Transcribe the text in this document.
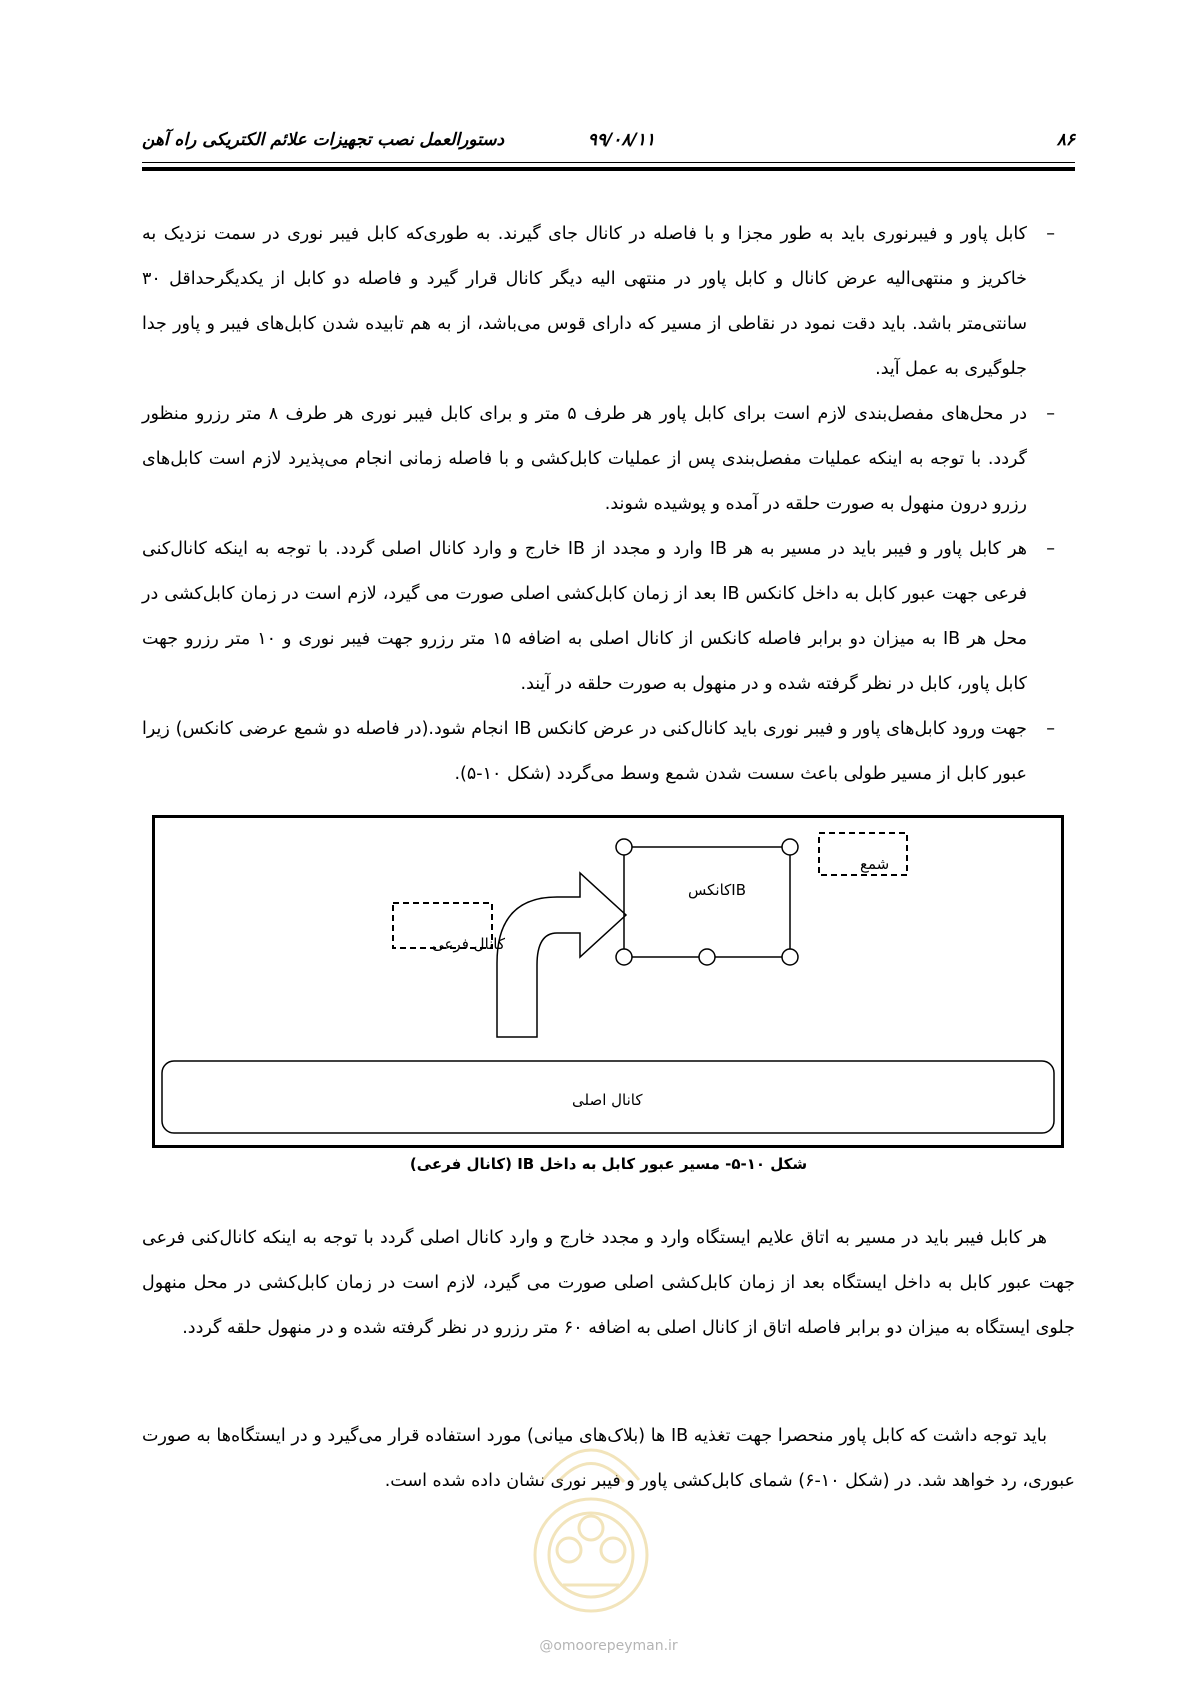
۸۶
۹۹/۰۸/۱۱
دستورالعمل نصب تجهیزات علائم الکتریکی راه آهن

–
کابل پاور و فیبرنوری باید به طور مجزا و با فاصله در کانال جای گیرند. به طوری‌که کابل فیبر نوری در سمت نزدیک به خاکریز و منتهی‌الیه عرض کانال و کابل پاور در منتهی الیه دیگر کانال قرار گیرد و فاصله دو کابل از یکدیگرحداقل ۳۰ سانتی‌متر باشد. باید دقت نمود در نقاطی از مسیر که دارای قوس می‌باشد، از به هم تابیده شدن کابل‌های فیبر و پاور جدا جلوگیری به عمل آید.

–
در محل‌های مفصل‌بندی لازم است برای کابل پاور هر طرف ۵ متر و برای کابل فیبر نوری هر طرف ۸ متر رزرو منظور گردد. با توجه به اینکه عملیات مفصل‌بندی پس از عملیات کابل‌کشی و با فاصله زمانی انجام می‌پذیرد لازم است کابل‌های رزرو درون منهول به صورت حلقه در آمده و پوشیده شوند.

–
هر کابل پاور و فیبر باید در مسیر به هر IB وارد و مجدد از IB خارج و وارد کانال اصلی گردد. با توجه به اینکه کانال‌کنی فرعی جهت عبور کابل به داخل کانکس IB بعد از زمان کابل‌کشی اصلی صورت می گیرد، لازم است در زمان کابل‌کشی در محل هر IB به میزان دو برابر فاصله کانکس از کانال اصلی به اضافه ۱۵ متر رزرو جهت فیبر نوری و ۱۰ متر رزرو جهت کابل پاور، کابل در نظر گرفته شده و در منهول به صورت حلقه در آیند.

–
جهت ورود کابل‌های پاور و فیبر نوری باید کانال‌کنی در عرض کانکس IB انجام شود.(در فاصله دو شمع عرضی کانکس) زیرا عبور کابل از مسیر طولی باعث سست شدن شمع وسط می‌گردد (شکل ۱۰-۵).

شمع
IBکانکس
کانال فرعی
کانال اصلی
شکل ۱۰-۵- مسیر عبور کابل به داخل IB (کانال فرعی)

هر کابل فیبر باید در مسیر به اتاق علایم ایستگاه وارد و مجدد خارج و وارد کانال اصلی گردد با توجه به اینکه کانال‌کنی فرعی جهت عبور کابل به داخل ایستگاه بعد از زمان کابل‌کشی اصلی صورت می گیرد، لازم است در زمان کابل‌کشی در محل منهول جلوی ایستگاه به میزان دو برابر فاصله اتاق از کانال اصلی به اضافه ۶۰ متر رزرو در نظر گرفته شده و در منهول حلقه گردد.

باید توجه داشت که کابل پاور منحصرا جهت تغذیه IB ها (بلاک‌های میانی) مورد استفاده قرار می‌گیرد و در ایستگاه‌ها به صورت عبوری، رد خواهد شد. در (شکل ۱۰-۶) شمای کابل‌کشی پاور و فیبر نوری نشان داده شده است.

@omoorepeyman.ir
